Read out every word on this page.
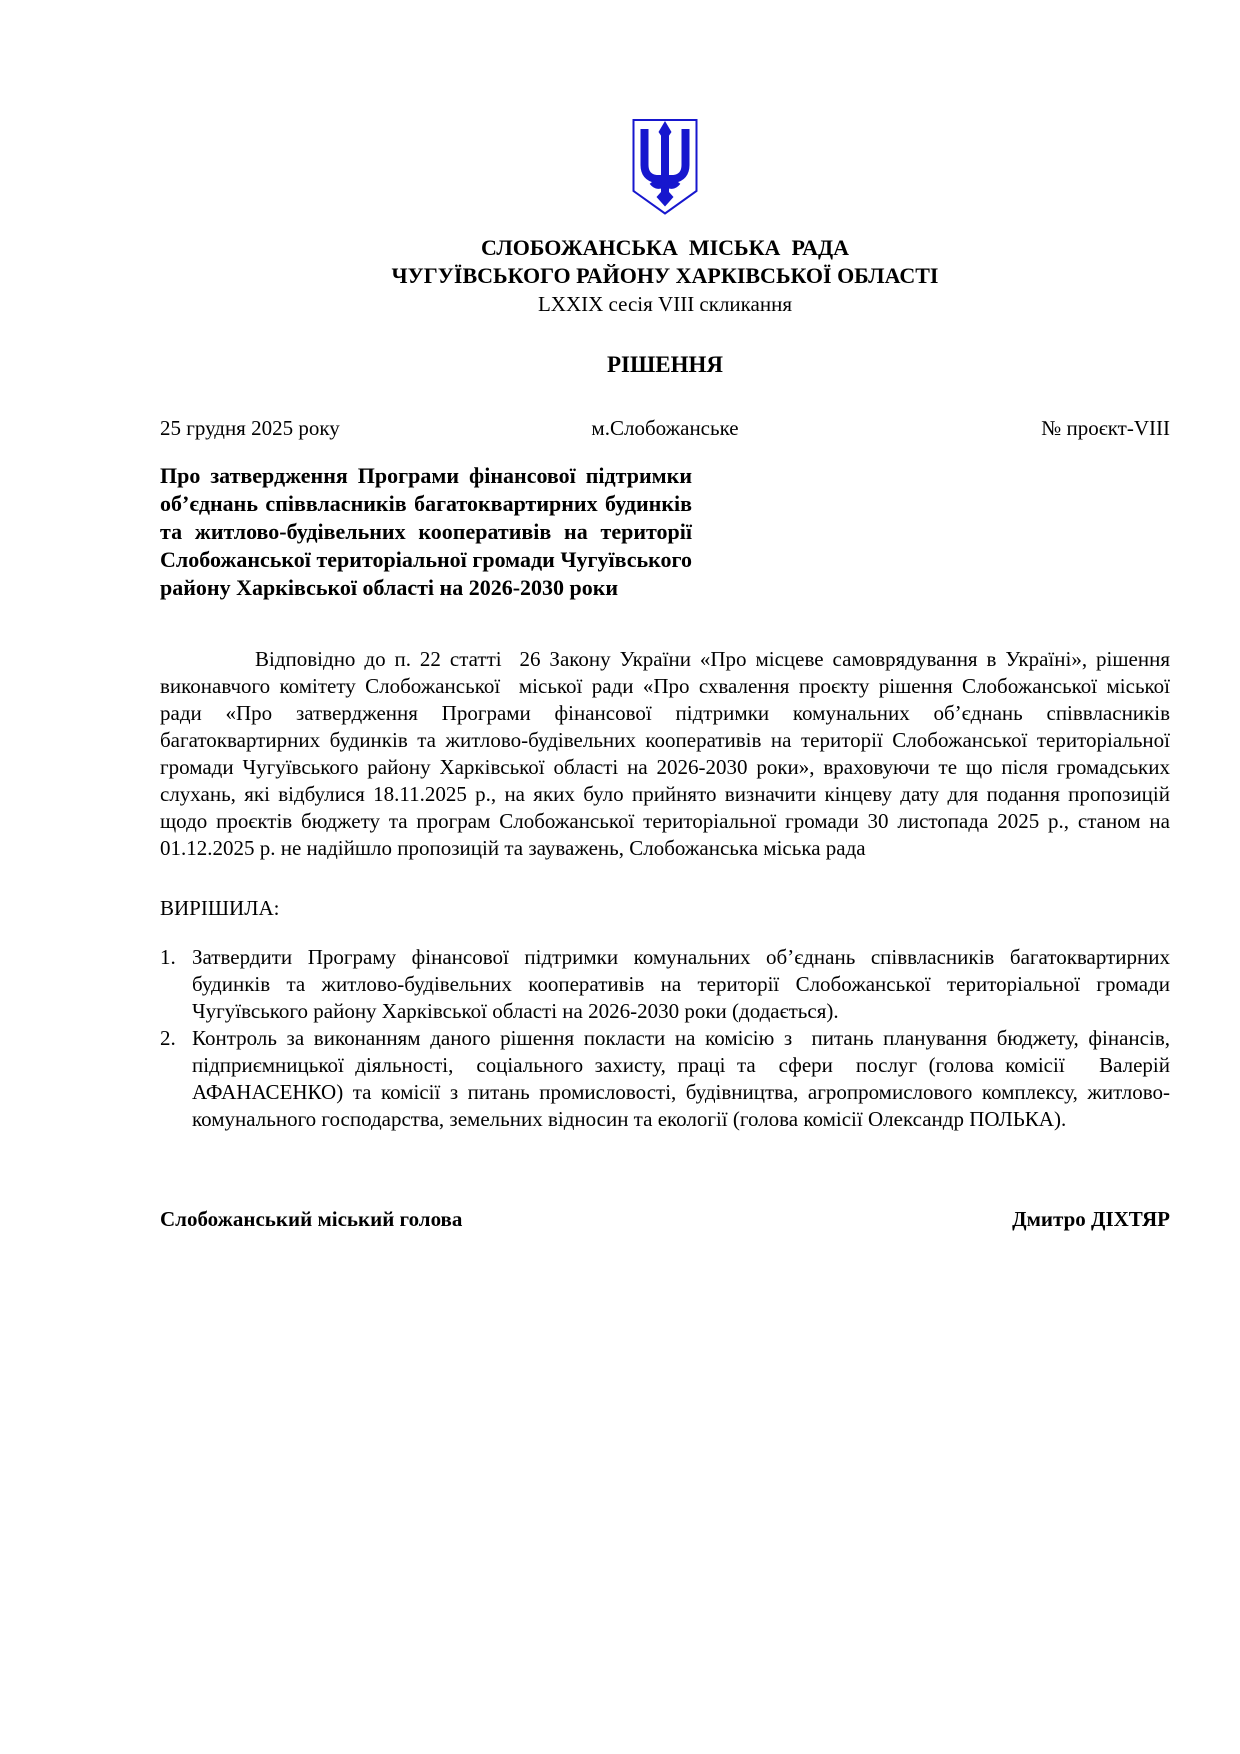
СЛОБОЖАНСЬКА  МІСЬКА  РАДА
ЧУГУЇВСЬКОГО РАЙОНУ ХАРКІВСЬКОЇ ОБЛАСТІ
LXXIX сесія VIII скликання
РІШЕННЯ
25 грудня 2025 року	м.Слобожанське	№ проєкт-VIII
Про затвердження Програми фінансової підтримки об’єднань співвласників багатоквартирних будинків та житлово-будівельних кооперативів на території Слобожанської територіальної громади Чугуївського району Харківської області на 2026-2030 роки
Відповідно до п. 22 статті  26 Закону України «Про місцеве самоврядування в Україні», рішення виконавчого комітету Слобожанської  міської ради «Про схвалення проєкту рішення Слобожанської міської ради «Про затвердження Програми фінансової підтримки комунальних об’єднань співвласників багатоквартирних будинків та житлово-будівельних кооперативів на території Слобожанської територіальної громади Чугуївського району Харківської області на 2026-2030 роки», враховуючи те що після громадських слухань, які відбулися 18.11.2025 р., на яких було прийнято визначити кінцеву дату для подання пропозицій щодо проєктів бюджету та програм Слобожанської територіальної громади 30 листопада 2025 р., станом на 01.12.2025 р. не надійшло пропозицій та зауважень, Слобожанська міська рада
ВИРІШИЛА:
1. Затвердити Програму фінансової підтримки комунальних об’єднань співвласників багатоквартирних будинків та житлово-будівельних кооперативів на території Слобожанської територіальної громади Чугуївського району Харківської області на 2026-2030 роки (додається).
2. Контроль за виконанням даного рішення покласти на комісію з  питань планування бюджету, фінансів, підприємницької діяльності,  соціального захисту, праці та  сфери  послуг (голова комісії   Валерій АФАНАСЕНКО) та комісії з питань промисловості, будівництва, агропромислового комплексу, житлово-комунального господарства, земельних відносин та екології (голова комісії Олександр ПОЛЬКА).
Слобожанський міський голова	Дмитро ДІХТЯР
